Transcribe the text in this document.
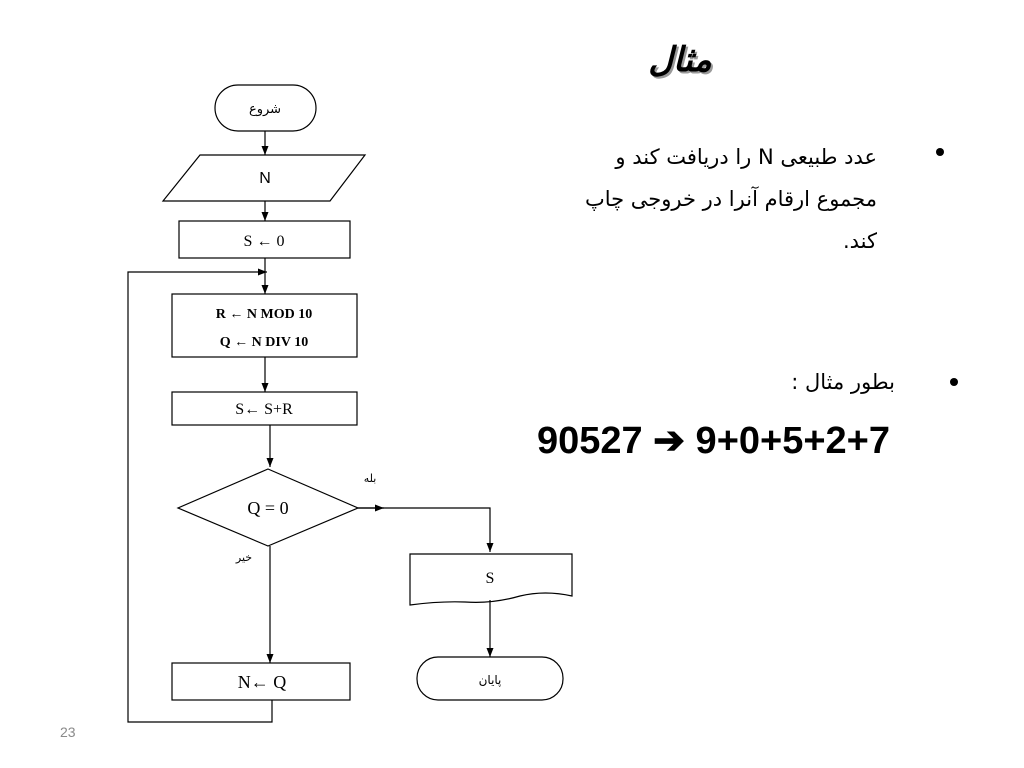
شروع
N
S ← 0
R ← N MOD 10
Q ← N DIV 10
S← S+R
Q = 0
بله
خیر
S
N← Q	پایان
مثال
عدد طبیعی N را دریافت کند و مجموع ارقام آنرا در خروجی چاپ کند.
بطور مثال :
90527 ➔ 9+0+5+2+7
23
